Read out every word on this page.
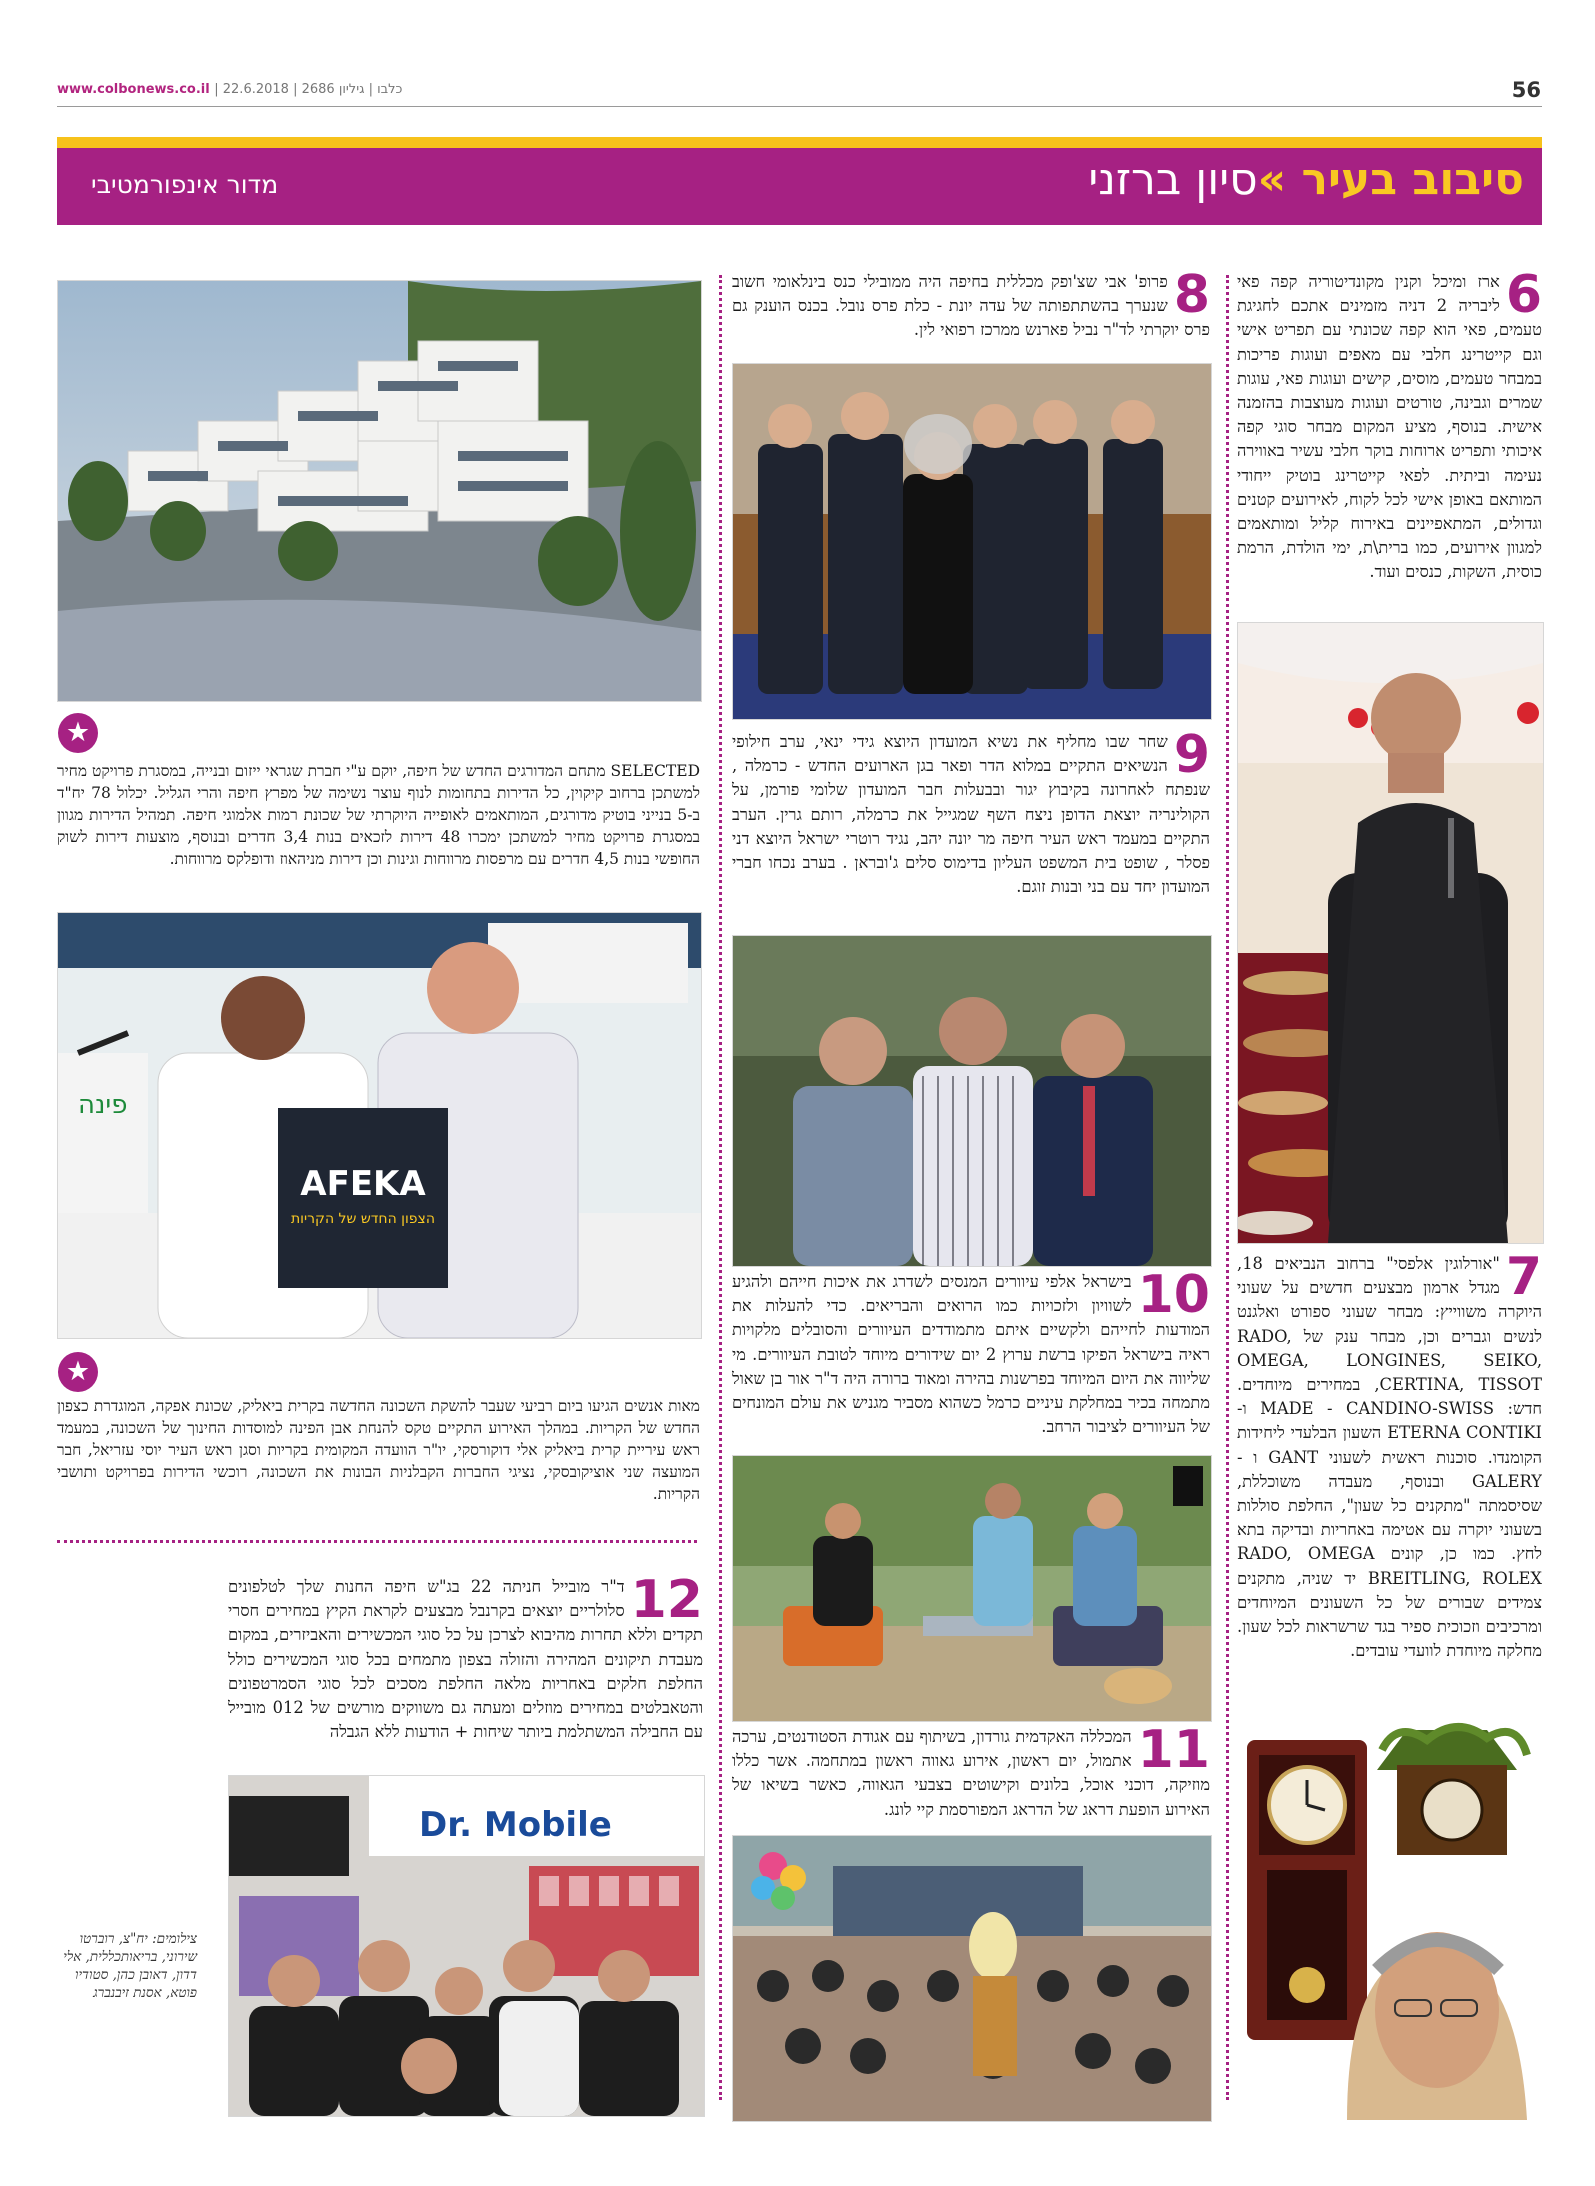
www.colbonews.co.il | כלבו | גיליון 2686 | 22.6.2018	56
סיבוב בעיר »סיון ברזני
מדור אינפורמטיבי
6
ארז ומיכל וקנין מקונדיטוריה קפה פאי ליבריה 2 דניה מזמינים אתכם לחגיגת טעמים, פאי הוא קפה שכונתי עם תפריט אישי וגם קייטרינג חלבי עם מאפים ועוגות פריכות במבחר טעמים, מוסים, קישים ועוגות פאי, עוגות שמרים וגבינה, טורטים ועוגות מעוצבות בהזמנה אישית. בנוסף, מציע המקום מבחר סוגי קפה איכותי ותפריט ארוחות בוקר חלבי עשיר באווירה נעימה וביתית. לפאי קייטרינג בוטיק ייחודי המותאם באופן אישי לכל לקוח, לאירועים קטנים וגדולים, המתאפיינים באירוח קליל ומותאמים למגוון אירועים, כמו ברית\ת, ימי הולדת, הרמת כוסית, השקות, כנסים ועוד.
7
"אורלוגין אלפסי" ברחוב הנביאים 18, מגדל ארמון מבצעים חדשים על שעוני היוקרה משווייץ: מבחר שעוני ספורט ואלגנט לנשים וגברים וכן, מבחר ענק של RADO, OMEGA, LONGINES, SEIKO, CERTINA, TISSOT, במחירים מיוחדים. חדש: MADE - CANDINO-SWISS ו- ETERNA CONTIKI השעון הבלעדי ליחידות הקומנדו. סוכנות ראשית לשעוני GANT ו - GALERY ובנוסף, מעבדה משוכללת, שסיסמתה "מתקנים כל שעון", החלפת סוללות בשעוני יוקרה עם אטימה באחריות ובדיקה בתא לחץ. כמו כן, קונים RADO, OMEGA BREITLING, ROLEX יד שניה, מתקנים צמידים שבורים של כל השעונים המיוחדים ומרכיבים וזכוכית ספיר בגד שרשראות לכל שעון. מחלקה מיוחדת לוועדי עובדים.
8
פרופ' אבי שצ'ופק מכללית בחיפה היה ממובילי כנס בינלאומי חשוב שנערך בהשתתפותה של עדה יונת - כלת פרס נובל. בכנס הוענק גם פרס יוקרתי לד"ר נביל פארנש ממרכז רפואי לין.
9
שחר שבו מחליף את נשיא המועדון היוצא גידי ינאי, ערב חילופי הנשיאים התקיים במלוא הדר ופאר בגן הארועים החדש - כרמלה , שנפתח לאחרונה בקיבוץ יגור ובבעלות חבר המועדון שלומי פורמן, על הקולינריה יוצאת הדופן ניצח השף שמגייל את כרמלה, רותם גרין. הערב התקיים במעמד ראש העיר חיפה מר יונה יהב, נגיד רוטרי ישראל היוצא דני פסלר , שופט בית המשפט העליון בדימוס סלים ג'ובראן . בערב נכחו חברי המועדון יחד עם בני ובנות זוגם.
10
בישראל אלפי עיוורים המנסים לשדרג את איכות חייהם ולהגיע לשוויון ולזכויות כמו הרואים והבריאים. כדי להעלות את המודעות לחייהם ולקשיים איתם מתמודדים העיוורים והסובלים מלקויות ראיה בישראל הפיקו ברשת ערוץ 2 יום שידורים מיוחד לטובת העיוורים. מי שליווה את היום המיוחד בפרשנות בהירה ומאוד ברורה היה ד"ר אור בן שאול מתמחה בכיר במחלקת עיניים כרמל כשהוא מסביר מגניש את עולם המונחים של העיוורים לציבור הרחב.
11
המכללה האקדמית גורדון, בשיתוף עם אגודת הסטודנטים, ערכה אתמול, יום ראשון, אירוע גאווה ראשון במתחמה. אשר כללו מוזיקה, דוכני אוכל, בלונים וקישוטים בצבעי הגאווה, כאשר בשיאו של האירוע הופעת דראג של הדראג המפורסמת קיי לונג.
★
SELECTED מתחם המדורגים החדש של חיפה, יוקם ע"י חברת שגראי ייזום ובנייה, במסגרת פרויקט מחיר למשתכן ברחוב קיקוין, כל הדירות בתחומות לנוף עוצר נשימה של מפרץ חיפה והרי הגליל. יכלול 78 יח"ד ב-5 בנייני בוטיק מדורגים, המותאמים לאופייה היוקרתי של שכונת רמות אלמוגי חיפה. תמהיל הדירות מגוון במסגרת פרויקט מחיר למשתכן ימכרו 48 דירות לזכאים בנות 3,4 חדרים ובנוסף, מוצעות דירות לשוק החופשי בנות 4,5 חדרים עם מרפסות מרווחות וגינות וכן דירות מניהאוז ודופלקס מרווחות.
פינה
AFEKA
הצפון החדש של הקריות
★
מאות אנשים הגיעו ביום רביעי שעבר להשקת השכונה החדשה בקרית ביאליק, שכונת אפקה, המוגדרת כצפון החדש של הקריות. במהלך האירוע התקיים טקס להנחת אבן הפינה למוסדות החינוך של השכונה, במעמד ראש עיריית קרית ביאליק אלי דוקורסקי, יו"ר הוועדה המקומית בקריות וסגן ראש העיר יוסי עזריאל, חבר המועצה שני אוציקובסקי, נציגי החברות הקבלניות הבונות את השכונה, רוכשי הדירות בפרויקט ותושבי הקריות.
12
ד"ר מובייל חניתה 22 בג"ש חיפה החנות שלך לטלפונים סלולריים יוצאים בקרנבל מבצעים לקראת הקיץ במחירים חסרי תקדים וללא תחרות מהיבוא לצרכן על כל סוגי המכשירים והאביזרים, במקום מעבדת תיקונים המהירה והזולה בצפון מתמחים בכל סוגי המכשירים כולל החלפת חלקים באחריות מלאה החלפת מסכים לכל סוגי הסמרטפונים והטאבלטים במחירים מוזלים ומעתה גם משווקים מורשים של 012 מובייל עם החבילה המשתלמת ביותר שיחות + הודעות ללא הגבלה
Dr. Mobile
צילומים: יח"צ, רוברטו שירוני, בריאותכללית, אלי דדון, דאובן כהן, סטודיו פוטא, אסנת זיבנברג
